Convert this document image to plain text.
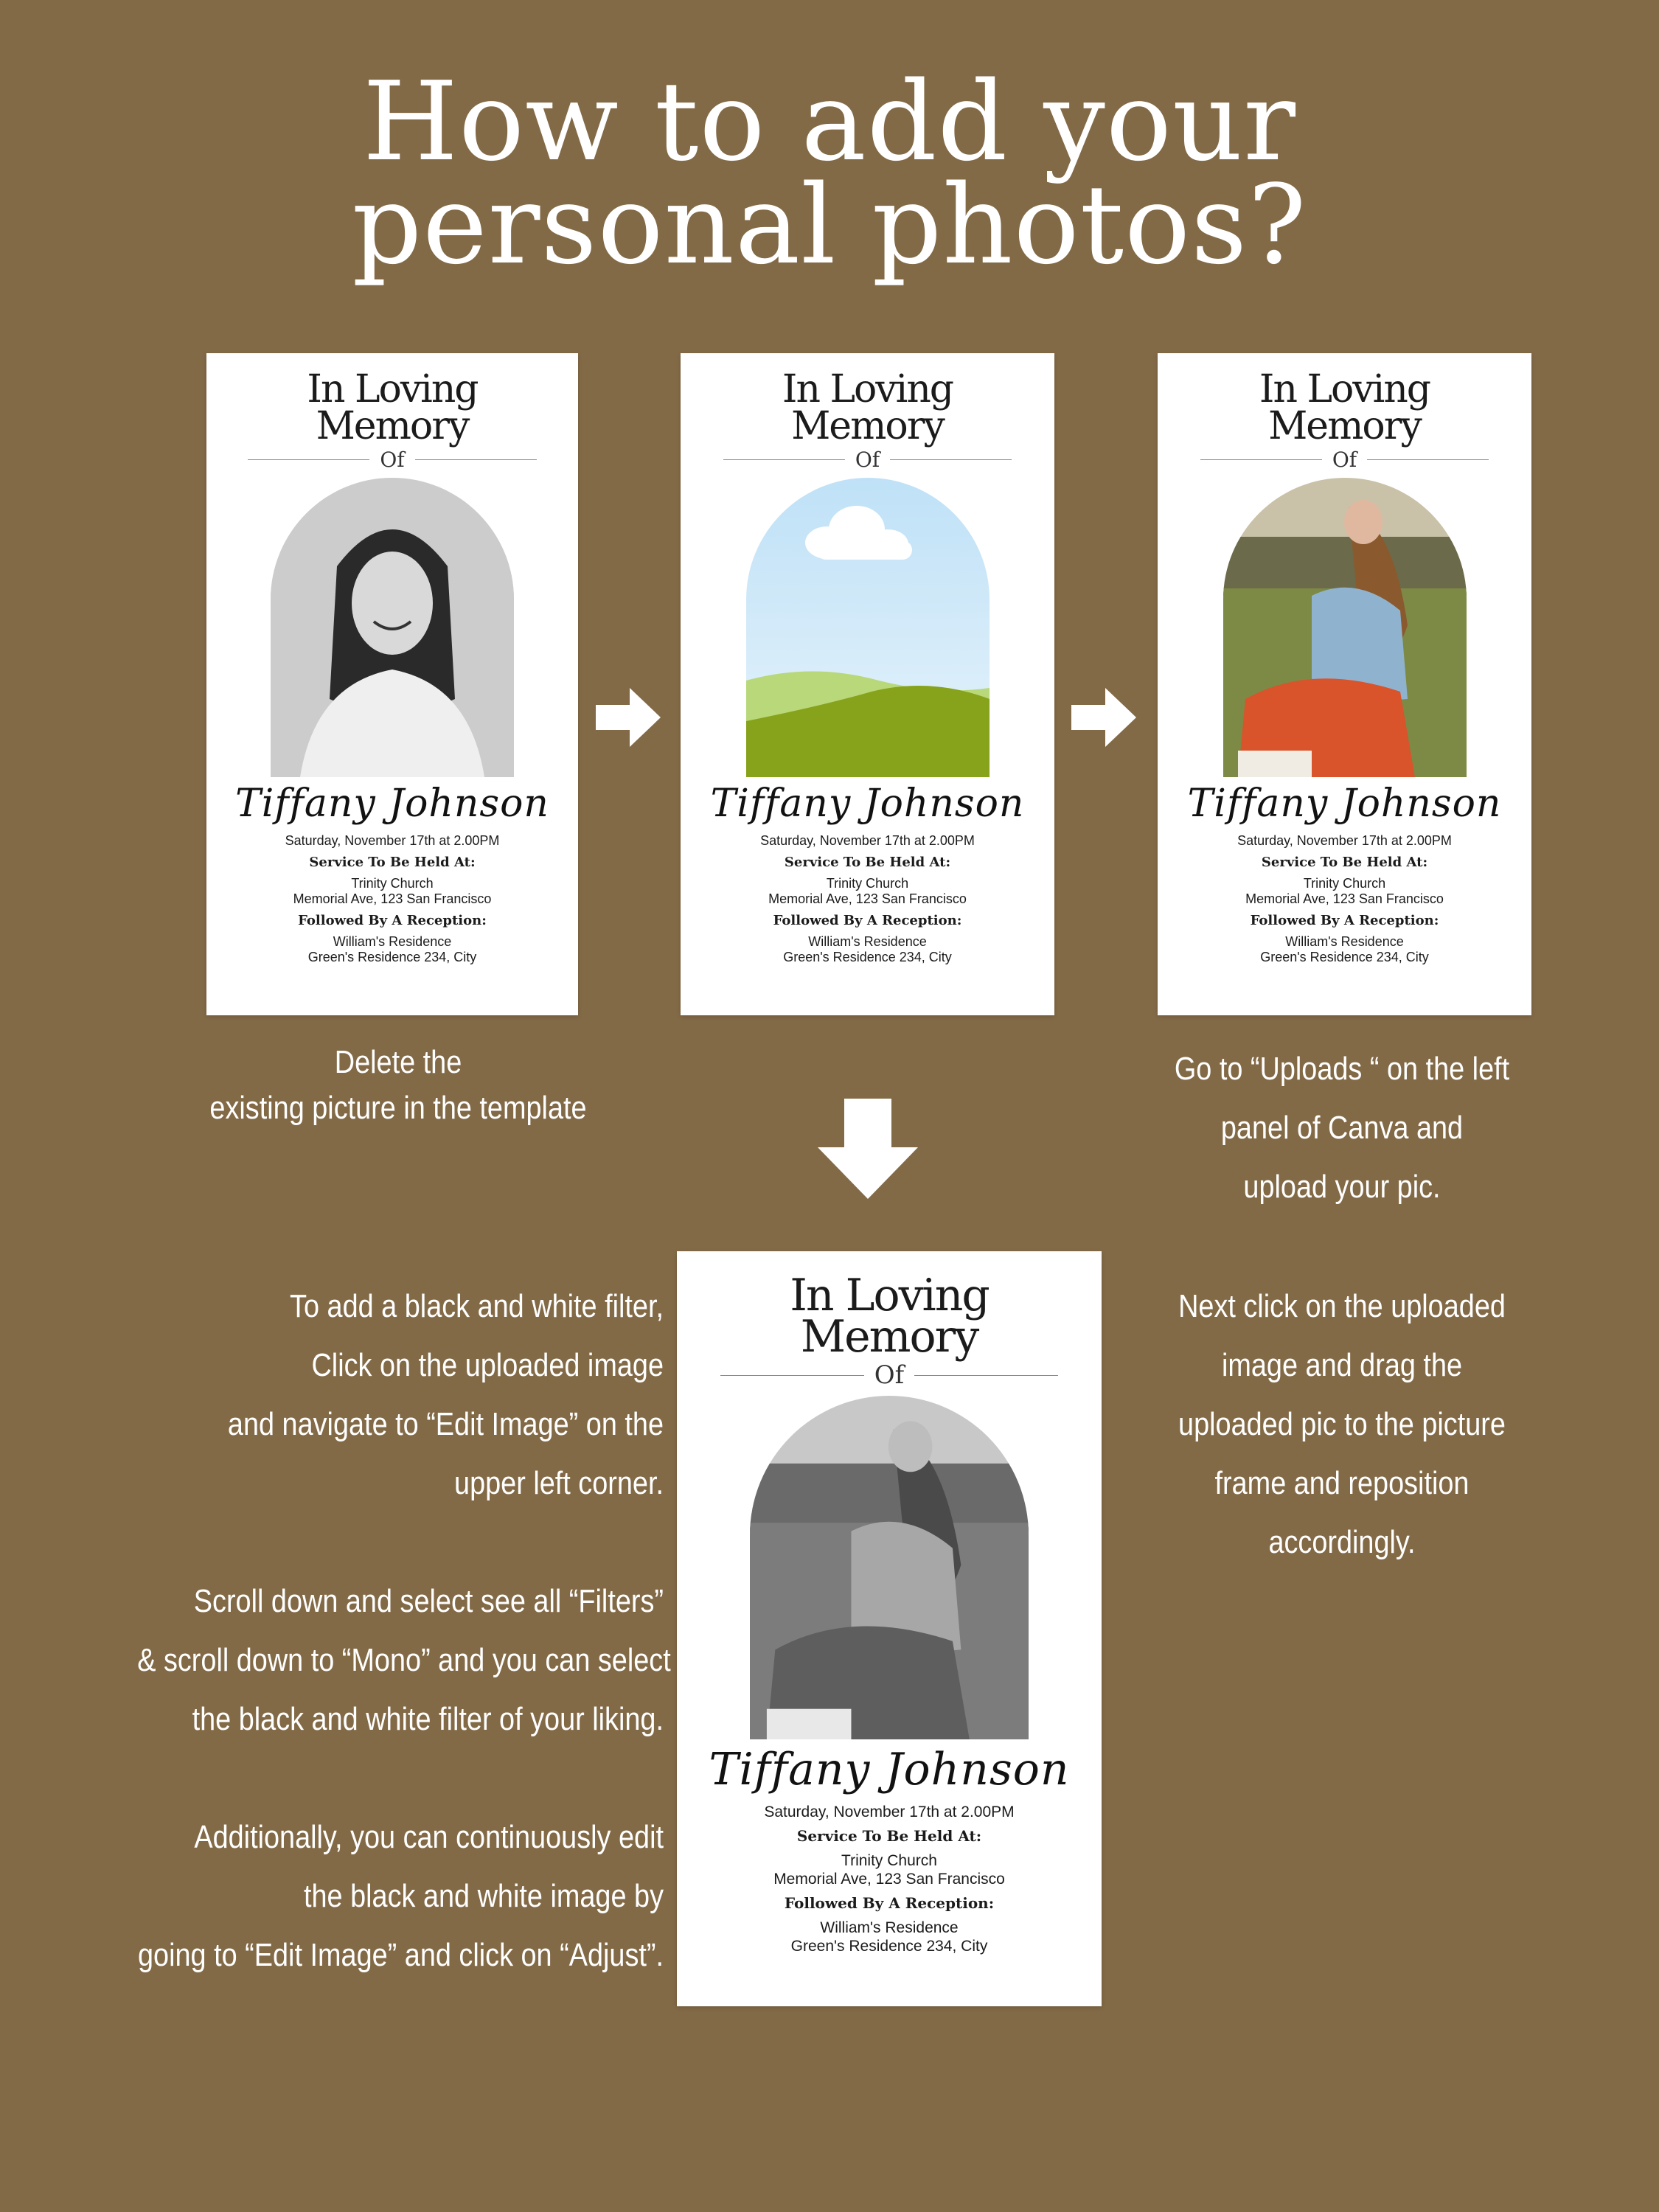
How to add your
personal photos?
In Loving
Memory
Of
Tiffany Johnson
Saturday, November 17th at 2.00PM
Service To Be Held At:
Trinity Church
Memorial Ave, 123 San Francisco
Followed By A Reception:
William's Residence
Green's Residence 234, City
In Loving
Memory
Of
Tiffany Johnson
Saturday, November 17th at 2.00PM
Service To Be Held At:
Trinity Church
Memorial Ave, 123 San Francisco
Followed By A Reception:
William's Residence
Green's Residence 234, City
In Loving
Memory
Of
Tiffany Johnson
Saturday, November 17th at 2.00PM
Service To Be Held At:
Trinity Church
Memorial Ave, 123 San Francisco
Followed By A Reception:
William's Residence
Green's Residence 234, City
In Loving
Memory
Of
Tiffany Johnson
Saturday, November 17th at 2.00PM
Service To Be Held At:
Trinity Church
Memorial Ave, 123 San Francisco
Followed By A Reception:
William's Residence
Green's Residence 234, City
Delete the
existing picture in the template
Go to “Uploads “ on the left
panel of Canva and
upload your pic.
Next click on the uploaded
image and drag the
uploaded pic to the picture
frame and reposition
accordingly.
To add a black and white filter,
Click on the uploaded image
and navigate to “Edit Image” on the
upper left corner.
Scroll down and select see all “Filters”
& scroll down to “Mono” and you can select
the black and white filter of your liking.
Additionally, you can continuously edit
the black and white image by
going to “Edit Image” and click on “Adjust”.
